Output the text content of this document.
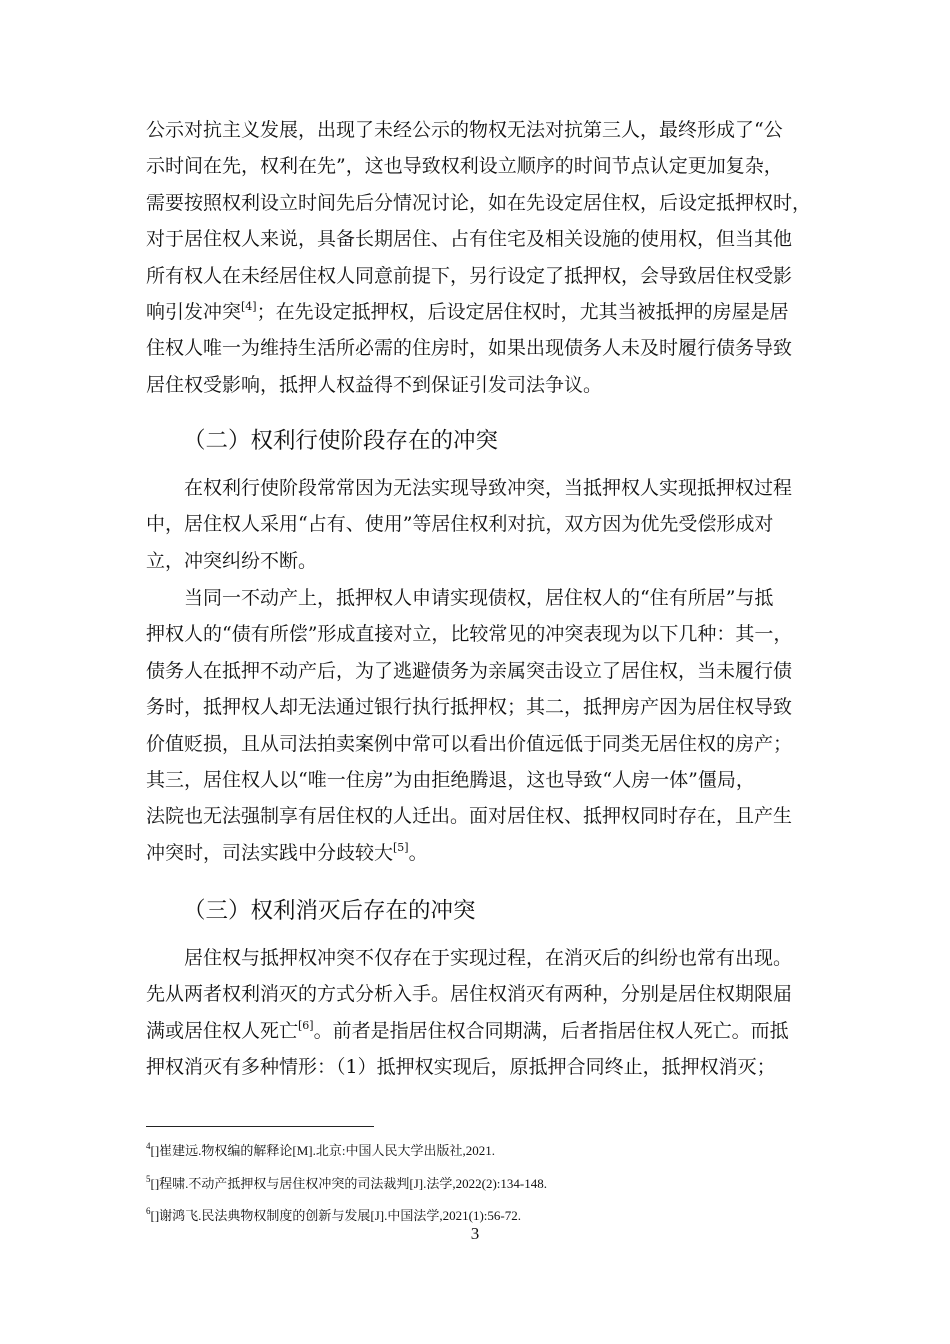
公示对抗主义发展，出现了未经公示的物权无法对抗第三人，最终形成了“公
示时间在先，权利在先”，这也导致权利设立顺序的时间节点认定更加复杂，
需要按照权利设立时间先后分情况讨论，如在先设定居住权，后设定抵押权时，
对于居住权人来说，具备长期居住、占有住宅及相关设施的使用权，但当其他
所有权人在未经居住权人同意前提下，另行设定了抵押权，会导致居住权受影
响引发冲突[4]；在先设定抵押权，后设定居住权时，尤其当被抵押的房屋是居
住权人唯一为维持生活所必需的住房时，如果出现债务人未及时履行债务导致
居住权受影响，抵押人权益得不到保证引发司法争议。
（二）权利行使阶段存在的冲突
在权利行使阶段常常因为无法实现导致冲突，当抵押权人实现抵押权过程
中，居住权人采用“占有、使用”等居住权利对抗，双方因为优先受偿形成对
立，冲突纠纷不断。
当同一不动产上，抵押权人申请实现债权，居住权人的“住有所居”与抵
押权人的“债有所偿”形成直接对立，比较常见的冲突表现为以下几种：其一，
债务人在抵押不动产后，为了逃避债务为亲属突击设立了居住权，当未履行债
务时，抵押权人却无法通过银行执行抵押权；其二，抵押房产因为居住权导致
价值贬损，且从司法拍卖案例中常可以看出价值远低于同类无居住权的房产；
其三，居住权人以“唯一住房”为由拒绝腾退，这也导致“人房一体”僵局，
法院也无法强制享有居住权的人迁出。面对居住权、抵押权同时存在，且产生
冲突时，司法实践中分歧较大[5]。
（三）权利消灭后存在的冲突
居住权与抵押权冲突不仅存在于实现过程，在消灭后的纠纷也常有出现。
先从两者权利消灭的方式分析入手。居住权消灭有两种，分别是居住权期限届
满或居住权人死亡[6]。前者是指居住权合同期满，后者指居住权人死亡。而抵
押权消灭有多种情形：（1）抵押权实现后，原抵押合同终止，抵押权消灭；
$^4$[]崔建远.物权编的解释论[M].北京:中国人民大学出版社,2021.
$^5$[]程啸.不动产抵押权与居住权冲突的司法裁判[J].法学,2022(2):134-148.
$^6$[]谢鸿飞.民法典物权制度的创新与发展[J].中国法学,2021(1):56-72.
3
